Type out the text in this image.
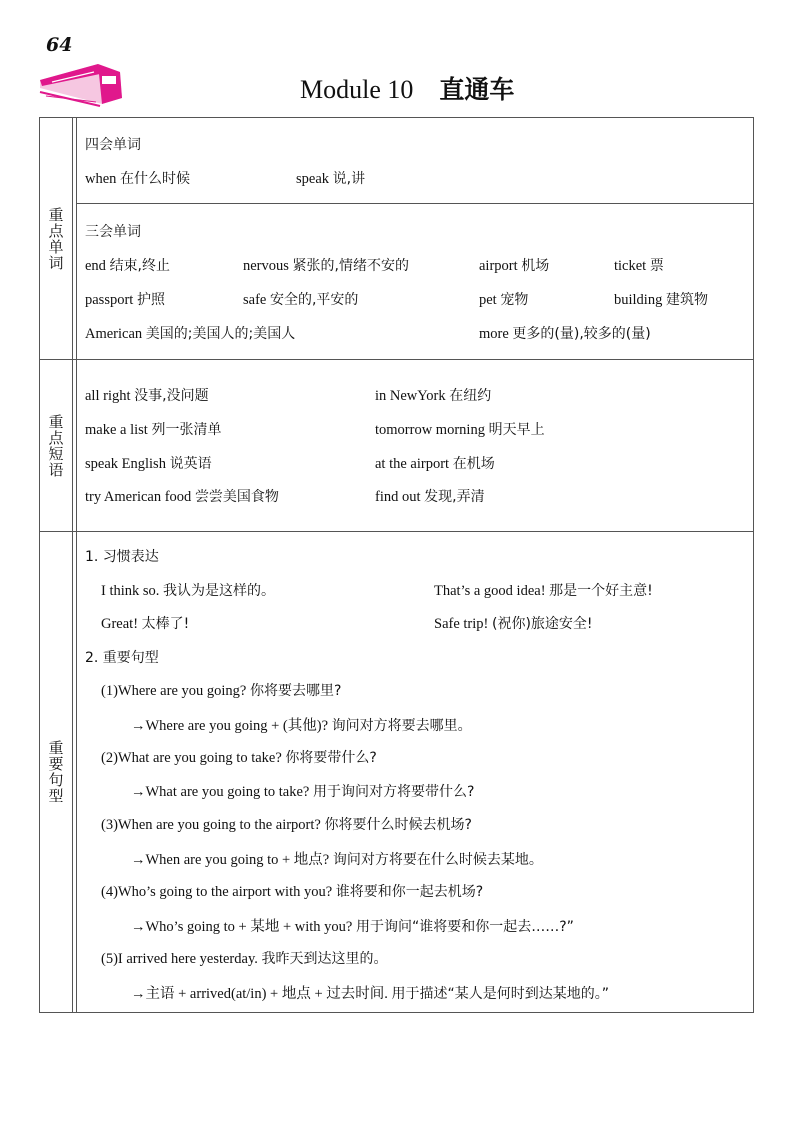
64
Module 10 直通车
重点单词
四会单词
when 在什么时候	speak 说,讲
三会单词
end 结束,终止	nervous 紧张的,情绪不安的	airport 机场	ticket 票
passport 护照	safe 安全的,平安的	pet 宠物	building 建筑物
American 美国的;美国人的;美国人	more 更多的(量),较多的(量)
重点短语
all right 没事,没问题	in NewYork 在纽约
make a list 列一张清单	tomorrow morning 明天早上
speak English 说英语	at the airport 在机场
try American food 尝尝美国食物	find out 发现,弄清
重要句型
1. 习惯表达
I think so. 我认为是这样的。	That’s a good idea! 那是一个好主意!
Great! 太棒了!	Safe trip! (祝你)旅途安全!
2. 重要句型
(1)Where are you going? 你将要去哪里?
→Where are you going + (其他)? 询问对方将要去哪里。
(2)What are you going to take? 你将要带什么?
→What are you going to take? 用于询问对方将要带什么?
(3)When are you going to the airport? 你将要什么时候去机场?
→When are you going to + 地点? 询问对方将要在什么时候去某地。
(4)Who’s going to the airport with you? 谁将要和你一起去机场?
→Who’s going to + 某地 + with you? 用于询问“谁将要和你一起去……?”
(5)I arrived here yesterday. 我昨天到达这里的。
→主语 + arrived(at/in) + 地点 + 过去时间. 用于描述“某人是何时到达某地的。”
